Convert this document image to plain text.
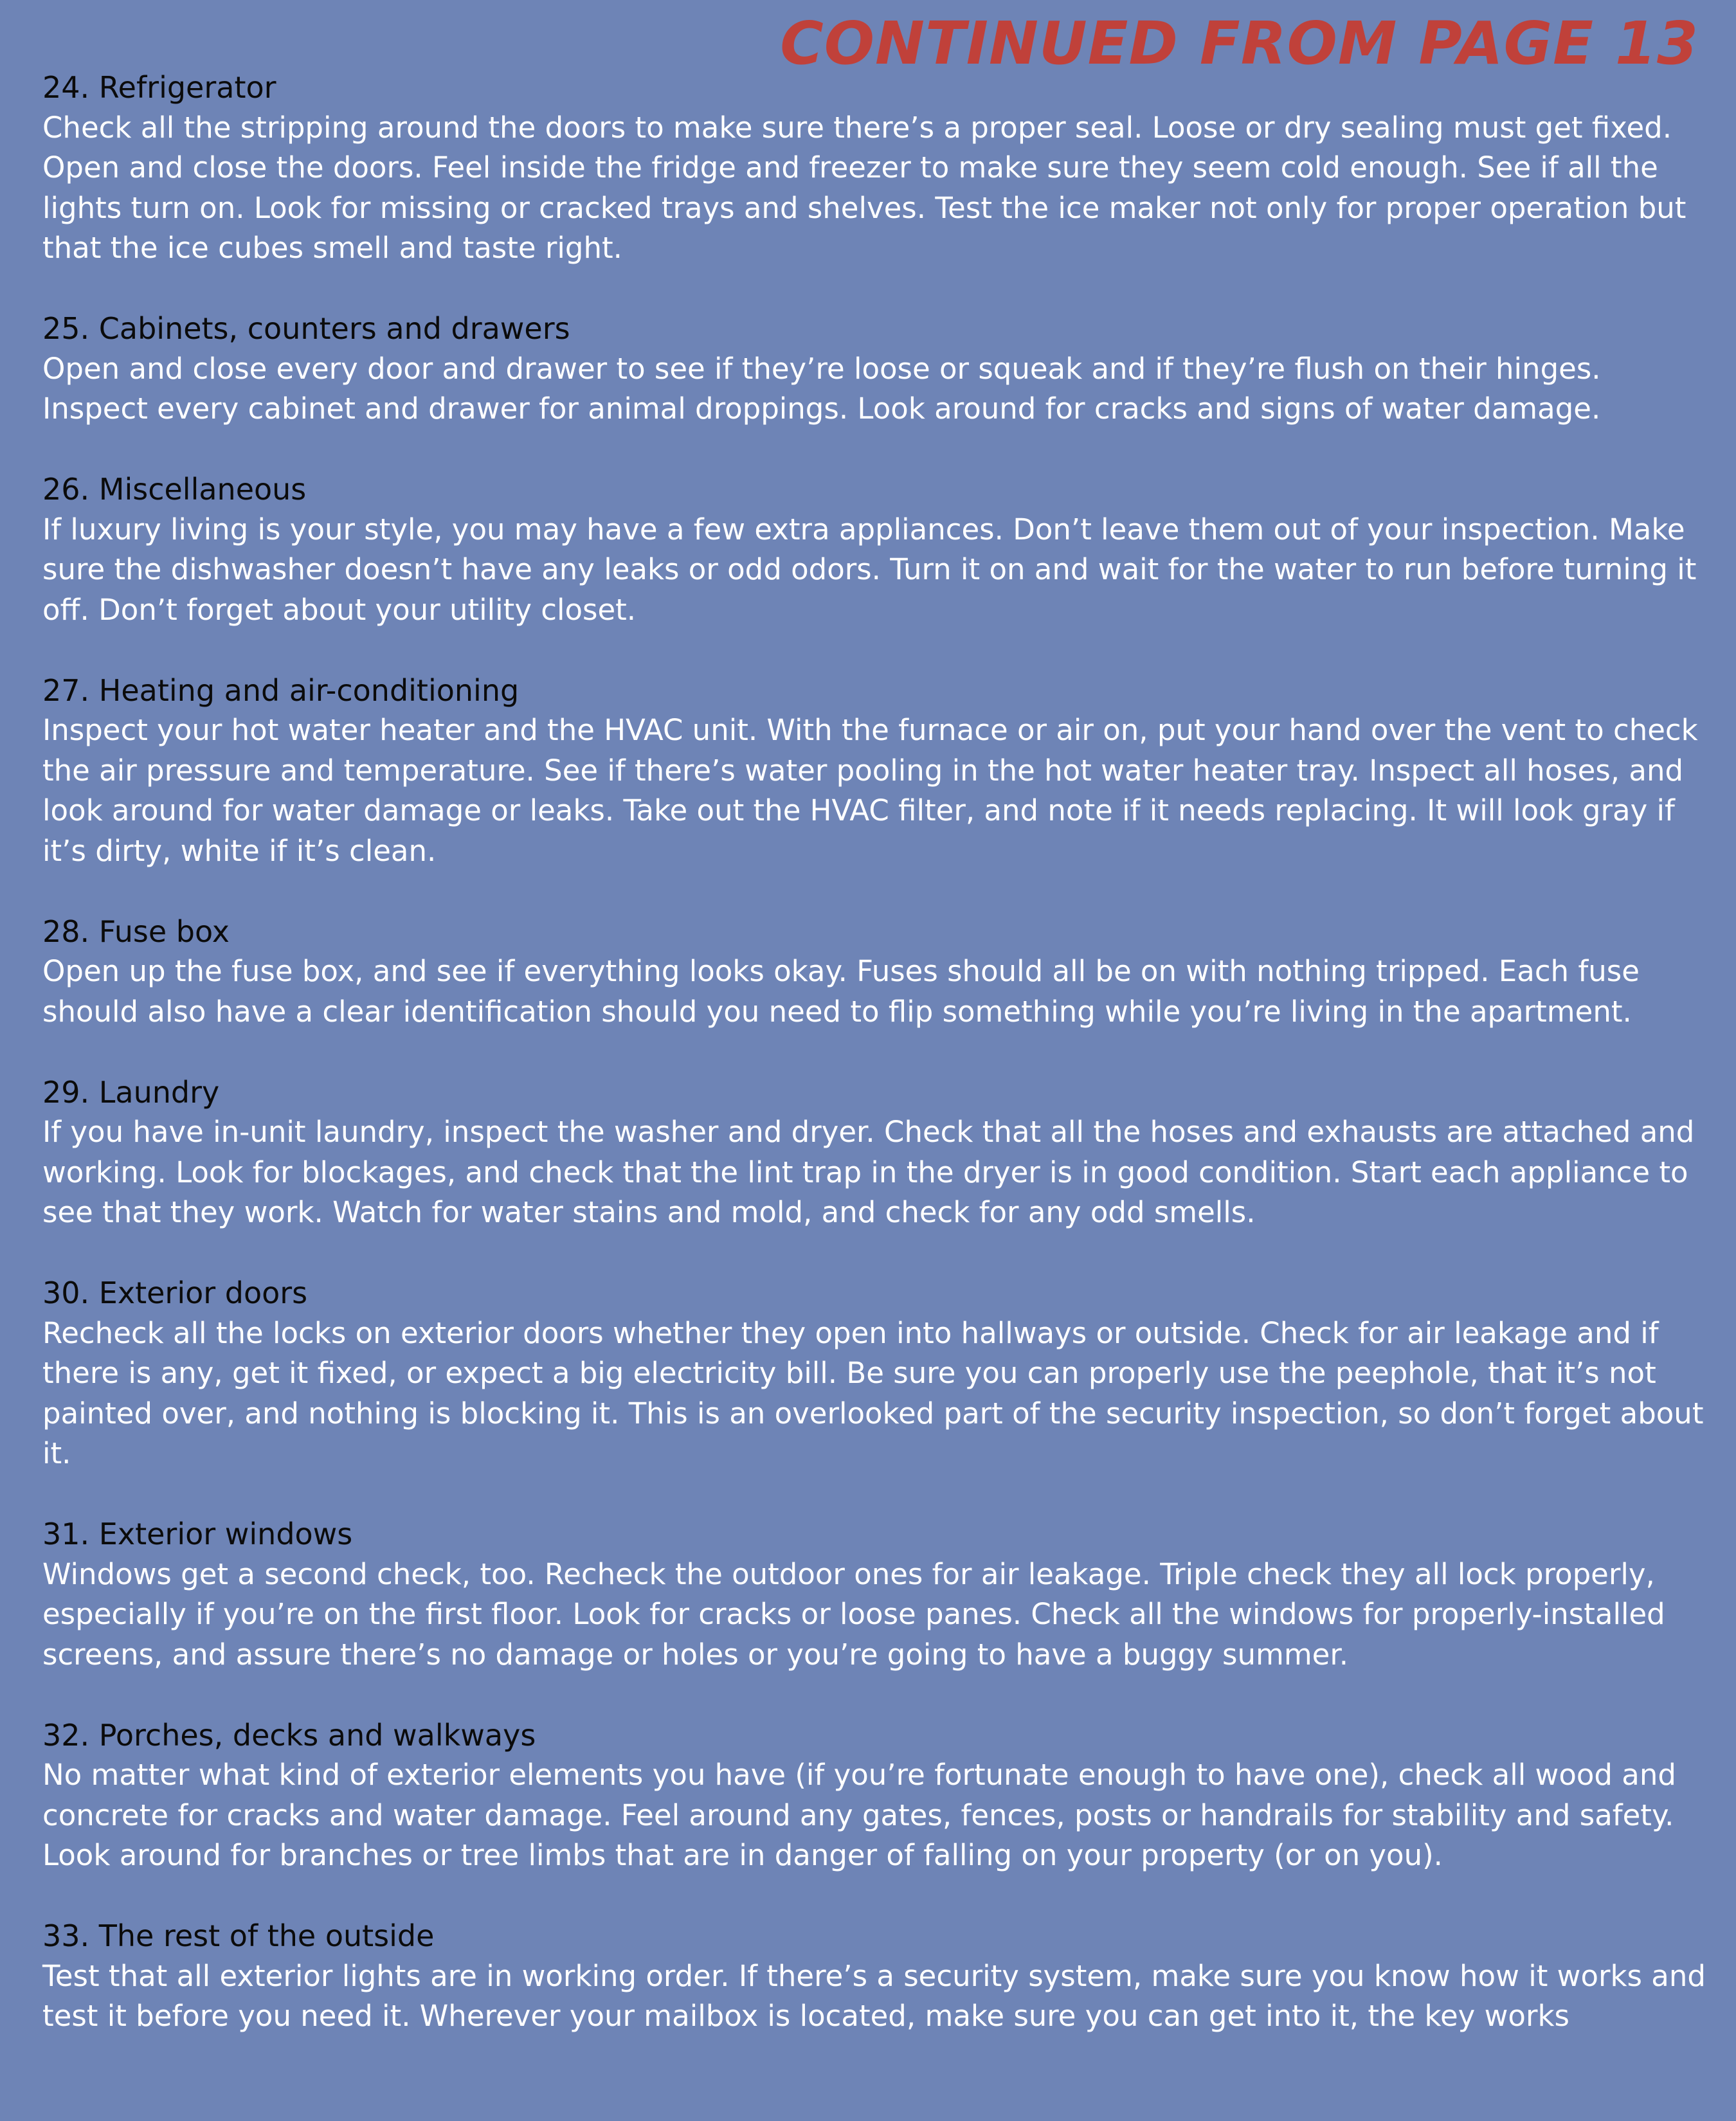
CONTINUED FROM PAGE 13
24. Refrigerator

Check all the stripping around the doors to make sure there’s a proper seal. Loose or dry sealing must get fixed. Open and close the doors. Feel inside the fridge and freezer to make sure they seem cold enough. See if all the lights turn on. Look for missing or cracked trays and shelves. Test the ice maker not only for proper operation but that the ice cubes smell and taste right.

25. Cabinets, counters and drawers

Open and close every door and drawer to see if they’re loose or squeak and if they’re flush on their hinges. Inspect every cabinet and drawer for animal droppings. Look around for cracks and signs of water damage.

26. Miscellaneous

If luxury living is your style, you may have a few extra appliances. Don’t leave them out of your inspection. Make sure the dishwasher doesn’t have any leaks or odd odors. Turn it on and wait for the water to run before turning it off. Don’t forget about your utility closet.

27. Heating and air-conditioning

Inspect your hot water heater and the HVAC unit. With the furnace or air on, put your hand over the vent to check the air pressure and temperature. See if there’s water pooling in the hot water heater tray. Inspect all hoses, and look around for water damage or leaks. Take out the HVAC filter, and note if it needs replacing. It will look gray if it’s dirty, white if it’s clean.

28. Fuse box

Open up the fuse box, and see if everything looks okay. Fuses should all be on with nothing tripped. Each fuse should also have a clear identification should you need to flip something while you’re living in the apartment.

29. Laundry

If you have in-unit laundry, inspect the washer and dryer. Check that all the hoses and exhausts are attached and working. Look for blockages, and check that the lint trap in the dryer is in good condition. Start each appliance to see that they work. Watch for water stains and mold, and check for any odd smells.

30. Exterior doors

Recheck all the locks on exterior doors whether they open into hallways or outside. Check for air leakage and if there is any, get it fixed, or expect a big electricity bill. Be sure you can properly use the peephole, that it’s not painted over, and nothing is blocking it. This is an overlooked part of the security inspection, so don’t forget about it.

31. Exterior windows

Windows get a second check, too. Recheck the outdoor ones for air leakage. Triple check they all lock properly, especially if you’re on the first floor. Look for cracks or loose panes. Check all the windows for properly-installed screens, and assure there’s no damage or holes or you’re going to have a buggy summer.

32. Porches, decks and walkways

No matter what kind of exterior elements you have (if you’re fortunate enough to have one), check all wood and concrete for cracks and water damage. Feel around any gates, fences, posts or handrails for stability and safety. Look around for branches or tree limbs that are in danger of falling on your property (or on you).

33. The rest of the outside

Test that all exterior lights are in working order. If there’s a security system, make sure you know how it works and test it before you need it. Wherever your mailbox is located, make sure you can get into it, the key works
